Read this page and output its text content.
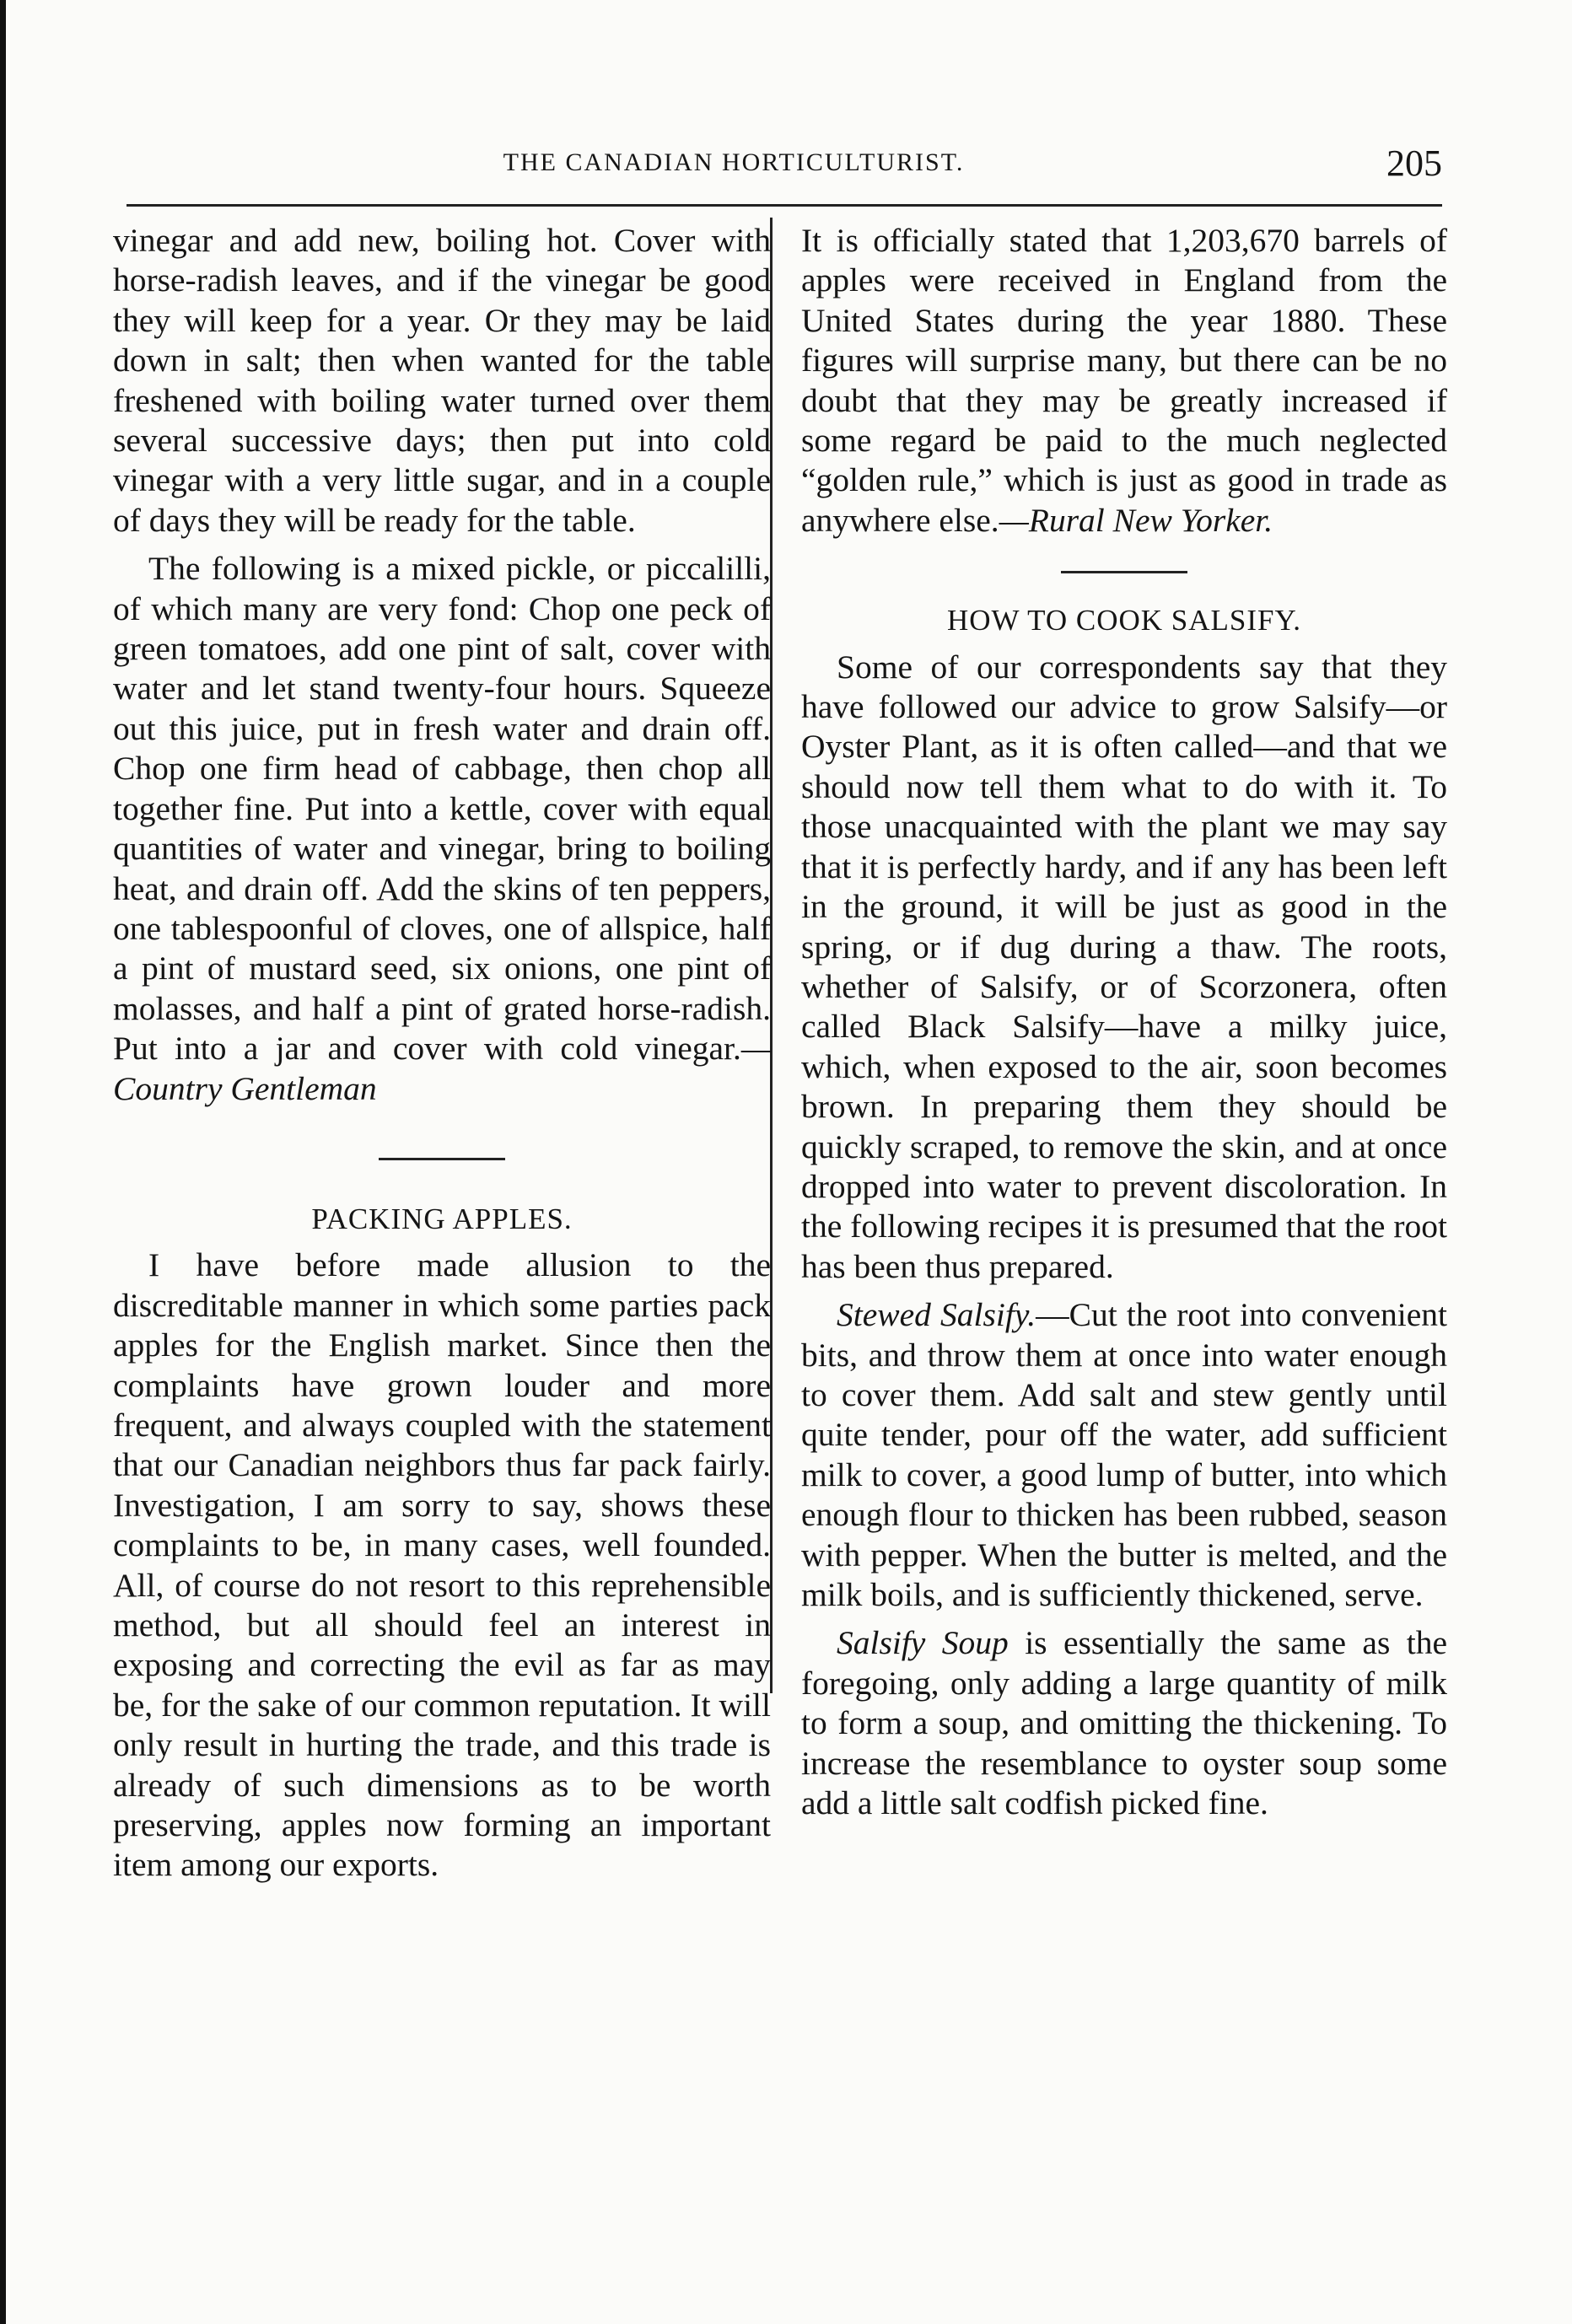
THE CANADIAN HORTICULTURIST.	205

vinegar and add new, boiling hot. Cover with horse-radish leaves, and if the vinegar be good they will keep for a year. Or they may be laid down in salt; then when wanted for the table freshened with boiling water turned over them several successive days; then put into cold vinegar with a very little sugar, and in a couple of days they will be ready for the table.

The following is a mixed pickle, or piccalilli, of which many are very fond: Chop one peck of green tomatoes, add one pint of salt, cover with water and let stand twenty-four hours. Squeeze out this juice, put in fresh water and drain off. Chop one firm head of cabbage, then chop all together fine. Put into a kettle, cover with equal quantities of water and vinegar, bring to boiling heat, and drain off. Add the skins of ten peppers, one tablespoonful of cloves, one of allspice, half a pint of mustard seed, six onions, one pint of molasses, and half a pint of grated horse-radish. Put into a jar and cover with cold vinegar.—Country Gentleman

PACKING APPLES.

I have before made allusion to the discreditable manner in which some parties pack apples for the English market. Since then the complaints have grown louder and more frequent, and always coupled with the statement that our Canadian neighbors thus far pack fairly. Investigation, I am sorry to say, shows these complaints to be, in many cases, well founded. All, of course do not resort to this reprehensible method, but all should feel an interest in exposing and correcting the evil as far as may be, for the sake of our common reputation. It will only result in hurting the trade, and this trade is already of such dimensions as to be worth preserving, apples now forming an important item among our exports.

It is officially stated that 1,203,670 barrels of apples were received in England from the United States during the year 1880. These figures will surprise many, but there can be no doubt that they may be greatly increased if some regard be paid to the much neglected “golden rule,” which is just as good in trade as anywhere else.—Rural New Yorker.

HOW TO COOK SALSIFY.

Some of our correspondents say that they have followed our advice to grow Salsify—or Oyster Plant, as it is often called—and that we should now tell them what to do with it. To those unacquainted with the plant we may say that it is perfectly hardy, and if any has been left in the ground, it will be just as good in the spring, or if dug during a thaw. The roots, whether of Salsify, or of Scorzonera, often called Black Salsify—have a milky juice, which, when exposed to the air, soon becomes brown. In preparing them they should be quickly scraped, to remove the skin, and at once dropped into water to prevent discoloration. In the following recipes it is presumed that the root has been thus prepared.

Stewed Salsify.—Cut the root into convenient bits, and throw them at once into water enough to cover them. Add salt and stew gently until quite tender, pour off the water, add sufficient milk to cover, a good lump of butter, into which enough flour to thicken has been rubbed, season with pepper. When the butter is melted, and the milk boils, and is sufficiently thickened, serve.

Salsify Soup is essentially the same as the foregoing, only adding a large quantity of milk to form a soup, and omitting the thickening. To increase the resemblance to oyster soup some add a little salt codfish picked fine.
